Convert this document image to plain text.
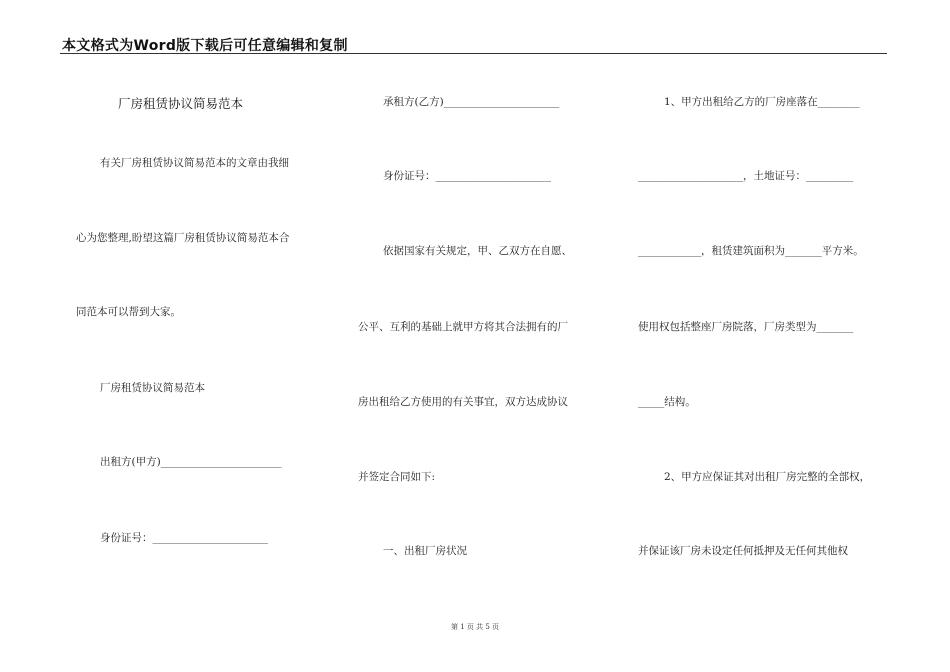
本文格式为Word版下载后可任意编辑和复制
厂房租赁协议简易范本
有关厂房租赁协议简易范本的文章由我细
心为您整理,盼望这篇厂房租赁协议简易范本合
同范本可以帮到大家。
厂房租赁协议简易范本
出租方(甲方)_______________________
身份证号：______________________
承租方(乙方)______________________
身份证号：______________________
依据国家有关规定，甲、乙双方在自愿、
公平、互利的基础上就甲方将其合法拥有的厂
房出租给乙方使用的有关事宜，双方达成协议
并签定合同如下:
一、出租厂房状况
1、甲方出租给乙方的厂房座落在________
____________________，土地证号：_________
____________，租赁建筑面积为_______平方米。
使用权包括整座厂房院落，厂房类型为_______
_____结构。
2、甲方应保证其对出租厂房完整的全部权，
并保证该厂房未设定任何抵押及无任何其他权
第 1 页 共 5 页
